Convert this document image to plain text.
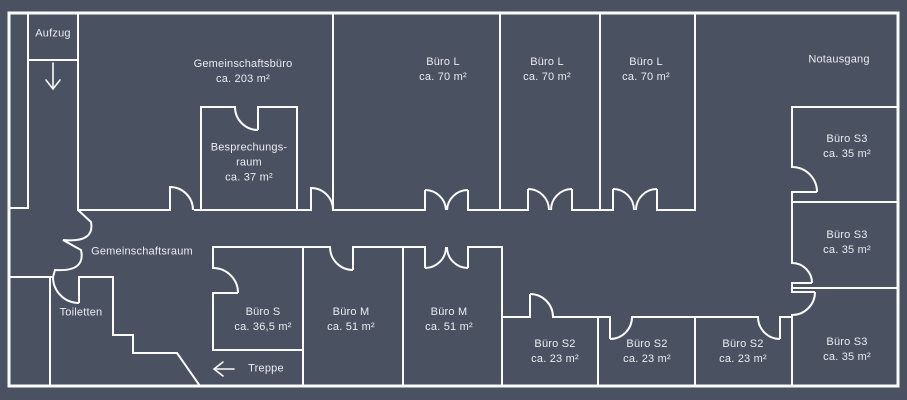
Aufzug
Gemeinschaftsbüro
ca. 203 m²
Büro L
ca. 70 m²
Büro L
ca. 70 m²
Büro L
ca. 70 m²
Notausgang
Büro S3
ca. 35 m²
Büro S3
ca. 35 m²
Büro S3
ca. 35 m²
Besprechungs-
raum
ca. 37 m²
Gemeinschaftsraum
Toiletten	Büro S
ca. 36,5 m²
Büro M
ca. 51 m²
Büro M
ca. 51 m²
Büro S2
ca. 23 m²
Büro S2
ca. 23 m²
Büro S2
ca. 23 m²
Treppe
